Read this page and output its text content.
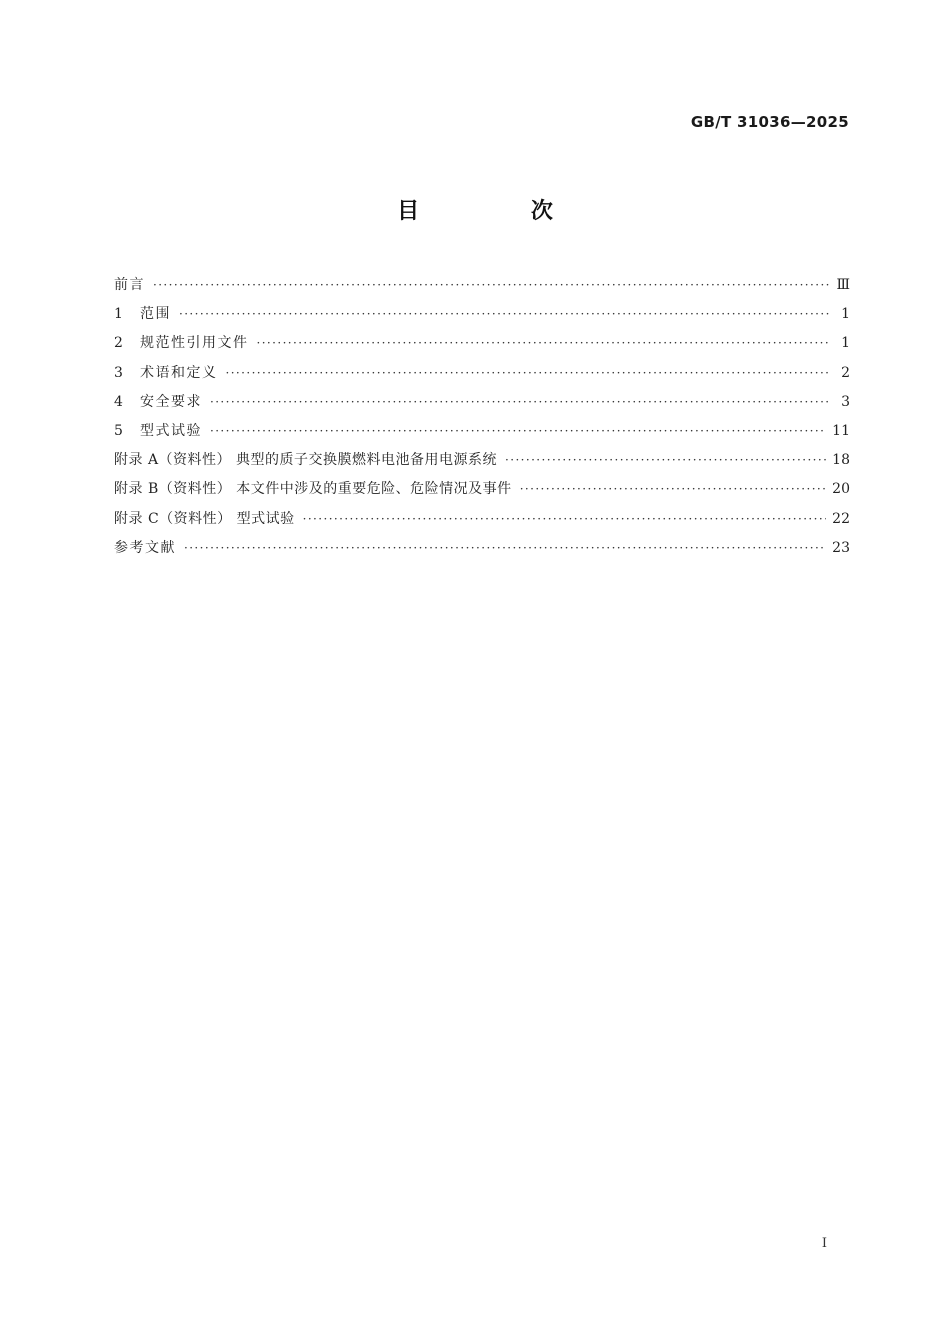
GB/T 31036—2025
目 次
前言 ·····	Ⅲ
1	范围 ·····	1
2	规范性引用文件 ·····	1
3	术语和定义 ·····	2
4	安全要求 ·····	3
5	型式试验 ·····	11
附录 A（资料性） 典型的质子交换膜燃料电池备用电源系统 ·····	18
附录 B（资料性） 本文件中涉及的重要危险、危险情况及事件 ·····	20
附录 C（资料性） 型式试验 ·····	22
参考文献 ·····	23
I
